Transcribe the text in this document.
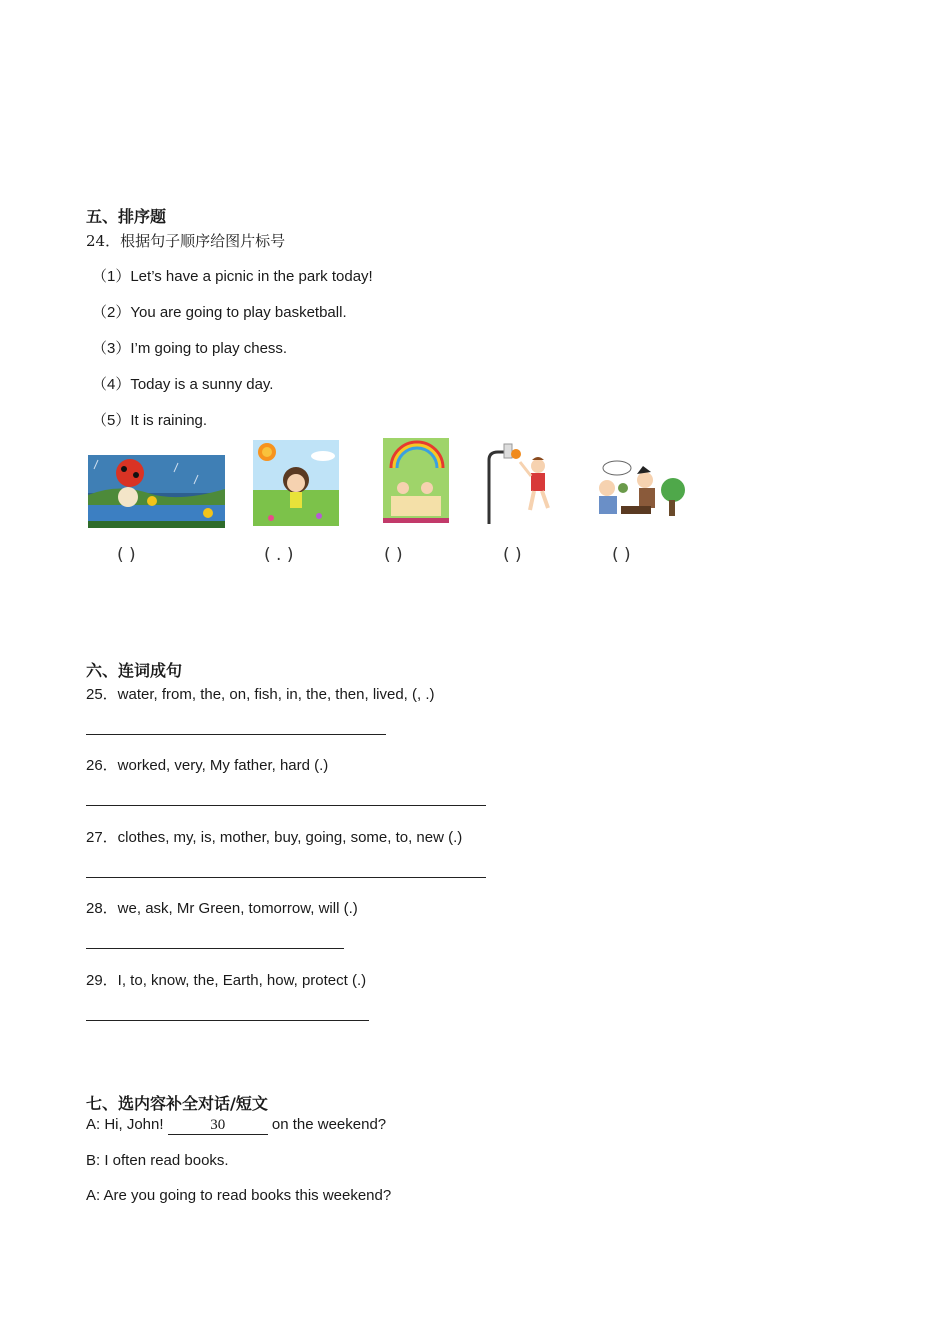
五、排序题
24．根据句子顺序给图片标号
（1）Let’s have a picnic in the park today!
（2）You are going to play basketball.
（3）I’m going to play chess.
（4）Today is a sunny day.
（5）It is raining.
( )	( . )	( )	( )	( )
六、连词成句
25．water, from, the, on, fish, in, the, then, lived, (, .)
26．worked, very, My father, hard (.)
27．clothes, my, is, mother, buy, going, some, to, new (.)
28．we, ask, Mr Green, tomorrow, will (.)
29．I, to, know, the, Earth, how, protect (.)
七、选内容补全对话/短文
A: Hi, John!	30	on the weekend?
B: I often read books.
A: Are you going to read books this weekend?
